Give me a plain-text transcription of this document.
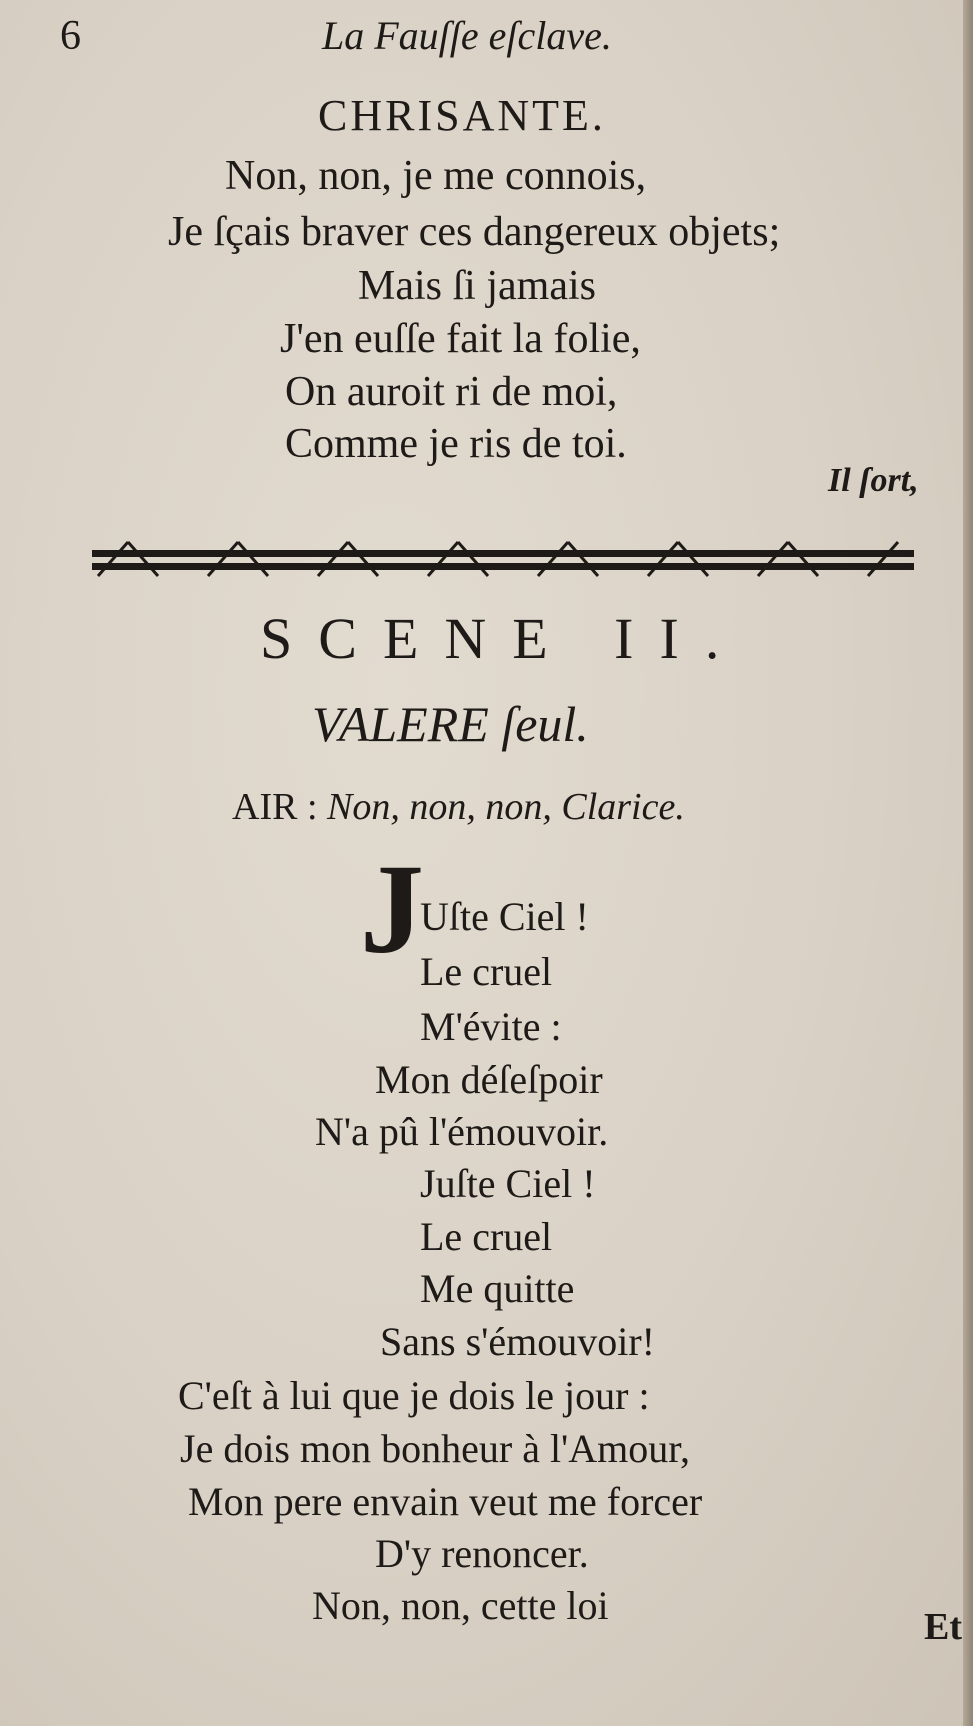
6	La Fauſſe eſclave.
CHRISANTE.
Non, non, je me connois,
Je ſçais braver ces dangereux objets;
Mais ſi jamais
J'en euſſe fait la folie,
On auroit ri de moi,
Comme je ris de toi.
Il ſort,
SCENE II.
VALERE ſeul.
AIR : Non, non, non, Clarice.
J
Uſte Ciel !
Le cruel
M'évite :
Mon déſeſpoir
N'a pû l'émouvoir.
Juſte Ciel !
Le cruel
Me quitte
Sans s'émouvoir!
C'eſt à lui que je dois le jour :
Je dois mon bonheur à l'Amour,
Mon pere envain veut me forcer
D'y renoncer.
Non, non, cette loi	Et
